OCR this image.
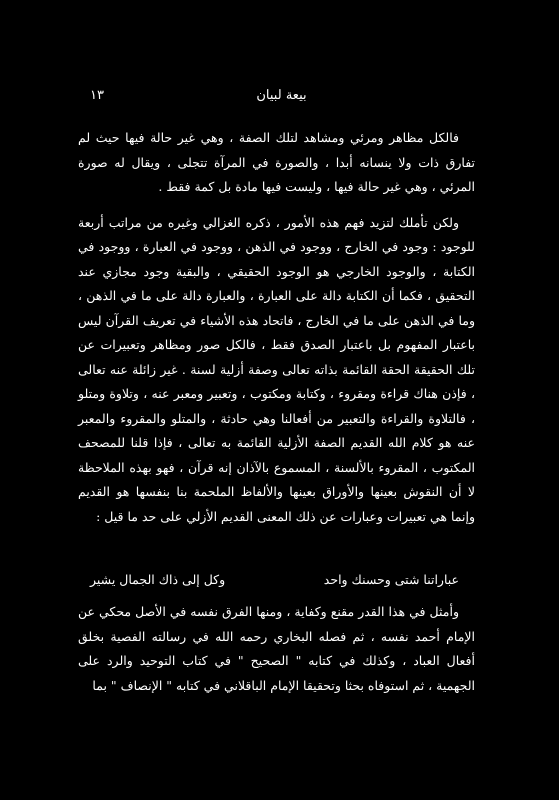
١٣	بيعة لبيان

فالكل مظاهر ومرئي ومشاهد لتلك الصفة ، وهي غير حالة فيها حيث لم تفارق ذات ولا ينسانه أبدا ، والصورة في المرآة تتجلى ، ويقال له صورة المرئي ، وهي غير حالة فيها ، وليست فيها مادة بل كمة فقط .

ولكن تأملك لتزيد فهم هذه الأمور ، ذكره الغزالي وغيره من مراتب أربعة للوجود : وجود في الخارج ، ووجود في الذهن ، ووجود في العبارة ، ووجود في الكتابة ، والوجود الخارجي هو الوجود الحقيقي ، والبقية وجود مجازي عند التحقيق ، فكما أن الكتابة دالة على العبارة ، والعبارة دالة على ما في الذهن ، وما في الذهن على ما في الخارج ، فاتحاد هذه الأشياء في تعريف القرآن ليس باعتبار المفهوم بل باعتبار الصدق فقط ، فالكل صور ومظاهر وتعبيرات عن تلك الحقيقة الحقة القائمة بذاته تعالى وصفة أزلية لسنة . غير زائلة عنه تعالى ، فإذن هناك قراءة ومقروء ، وكتابة ومكتوب ، وتعبير ومعبر عنه ، وتلاوة ومتلو ، فالتلاوة والقراءة والتعبير من أفعالنا وهي حادثة ، والمتلو والمقروء والمعبر عنه هو كلام الله القديم الصفة الأزلية القائمة به تعالى ، فإذا قلنا للمصحف المكتوب ، المقروء بالألسنة ، المسموع بالآذان إنه قرآن ، فهو بهذه الملاحظة لا أن النقوش بعينها والأوراق بعينها والألفاظ الملحمة بنا بنفسها هو القديم وإنما هي تعبيرات وعبارات عن ذلك المعنى القديم الأزلي على حد ما قيل :

عباراتنا شتى وحسنك واحد
وكل إلى ذاك الجمال يشير

وأمثل في هذا القدر مقنع وكفاية ، ومنها الفرق نفسه في الأصل محكي عن الإمام أحمد نفسه ، ثم فصله البخاري رحمه الله في رسالته الفصية بخلق أفعال العباد ، وكذلك في كتابه " الصحيح " في كتاب التوحيد والرد على الجهمية ، ثم استوفاه بحثا وتحقيقا الإمام الباقلاني في كتابه " الإنصاف " بما
